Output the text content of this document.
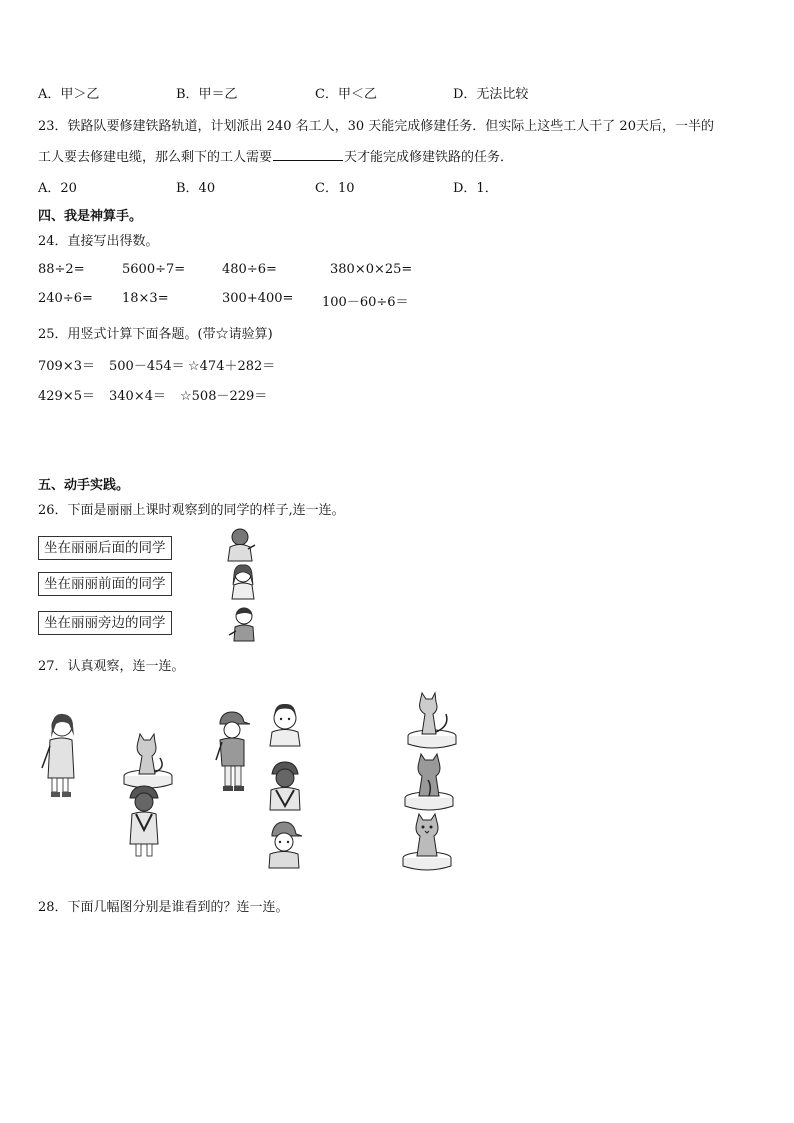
A．甲＞乙	B．甲＝乙	C．甲＜乙	D．无法比较
23．铁路队要修建铁路轨道，计划派出 240 名工人，30 天能完成修建任务．但实际上这些工人干了 20天后，一半的
工人要去修建电缆，那么剩下的工人需要	天才能完成修建铁路的任务．
A．20	B．40	C．10	D．1．
四、我是神算手。
24．直接写出得数。
88÷2=	5600÷7=	480÷6=	380×0×25=
240÷6= 18×3=	300+400= 100－60÷6＝
25．用竖式计算下面各题。(带☆请验算)
709×3＝ 500－454＝ ☆474＋282＝
429×5＝ 340×4＝ ☆508－229＝
五、动手实践。
26．下面是丽丽上课时观察到的同学的样子,连一连。
坐在丽丽后面的同学
坐在丽丽前面的同学
坐在丽丽旁边的同学
27．认真观察，连一连。
28．下面几幅图分别是谁看到的？连一连。
